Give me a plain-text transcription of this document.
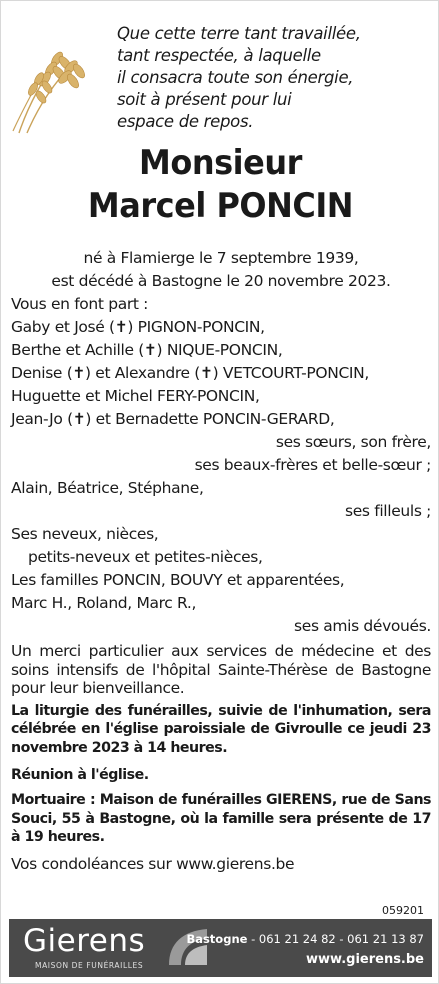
Que cette terre tant travaillée,
tant respectée, à laquelle
il consacra toute son énergie,
soit à présent pour lui
espace de repos.
Monsieur
Marcel PONCIN
né à Flamierge le 7 septembre 1939,
est décédé à Bastogne le 20 novembre 2023.
Vous en font part :
Gaby et José (✝) PIGNON-PONCIN,
Berthe et Achille (✝) NIQUE-PONCIN,
Denise (✝) et Alexandre (✝) VETCOURT-PONCIN,
Huguette et Michel FERY-PONCIN,
Jean-Jo (✝) et Bernadette PONCIN-GERARD,
ses sœurs, son frère,
ses beaux-frères et belle-sœur ;
Alain, Béatrice, Stéphane,
ses filleuls ;
Ses neveux, nièces,
petits-neveux et petites-nièces,
Les familles PONCIN, BOUVY et apparentées,
Marc H., Roland, Marc R.,
ses amis dévoués.
Un merci particulier aux services de médecine et des soins intensifs de l'hôpital Sainte-Thérèse de Bastogne pour leur bienveillance.
La liturgie des funérailles, suivie de l'inhumation, sera célébrée en l'église paroissiale de Givroulle ce jeudi 23 novembre 2023 à 14 heures.
Réunion à l'église.
Mortuaire : Maison de funérailles GIERENS, rue de Sans Souci, 55 à Bastogne, où la famille sera présente de 17 à 19 heures.
Vos condoléances sur www.gierens.be
059201
Gierens
MAISON DE FUNÉRAILLES
Bastogne - 061 21 24 82 - 061 21 13 87
www.gierens.be
